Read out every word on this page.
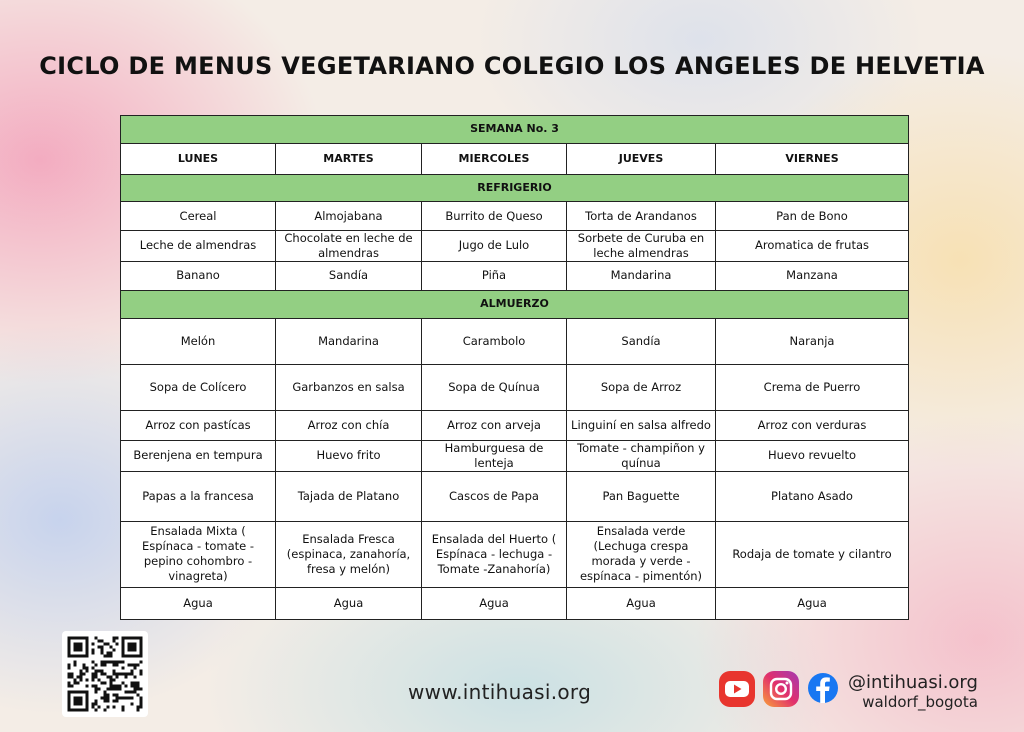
CICLO DE MENUS VEGETARIANO COLEGIO LOS ANGELES DE HELVETIA
SEMANA No. 3				
LUNES	MARTES	MIERCOLES	JUEVES	VIERNES
REFRIGERIO				
Cereal	Almojabana	Burrito de Queso	Torta de Arandanos	Pan de Bono
Leche de almendras	Chocolate en leche de almendras	Jugo de Lulo	Sorbete de Curuba en leche almendras	Aromatica de frutas
Banano	Sandía	Piña	Mandarina	Manzana
ALMUERZO				
Melón	Mandarina	Carambolo	Sandía	Naranja
Sopa de Colícero	Garbanzos en salsa	Sopa de Quínua	Sopa de Arroz	Crema de Puerro
Arroz con pastícas	Arroz con chía	Arroz con arveja	Linguiní en salsa alfredo	Arroz con verduras
Berenjena en tempura	Huevo frito	Hamburguesa de lenteja	Tomate - champiñon y quínua	Huevo revuelto
Papas a la francesa	Tajada de Platano	Cascos de Papa	Pan Baguette	Platano Asado
Ensalada Mixta ( Espínaca - tomate - pepino cohombro - vinagreta)	Ensalada Fresca (espinaca, zanahoría, fresa y melón)	Ensalada del Huerto ( Espínaca - lechuga - Tomate -Zanahoría)	Ensalada verde (Lechuga crespa morada y verde - espínaca - pimentón)	Rodaja de tomate y cilantro
Agua	Agua	Agua	Agua	Agua
www.intihuasi.org	@intihuasi.org
waldorf_bogota
